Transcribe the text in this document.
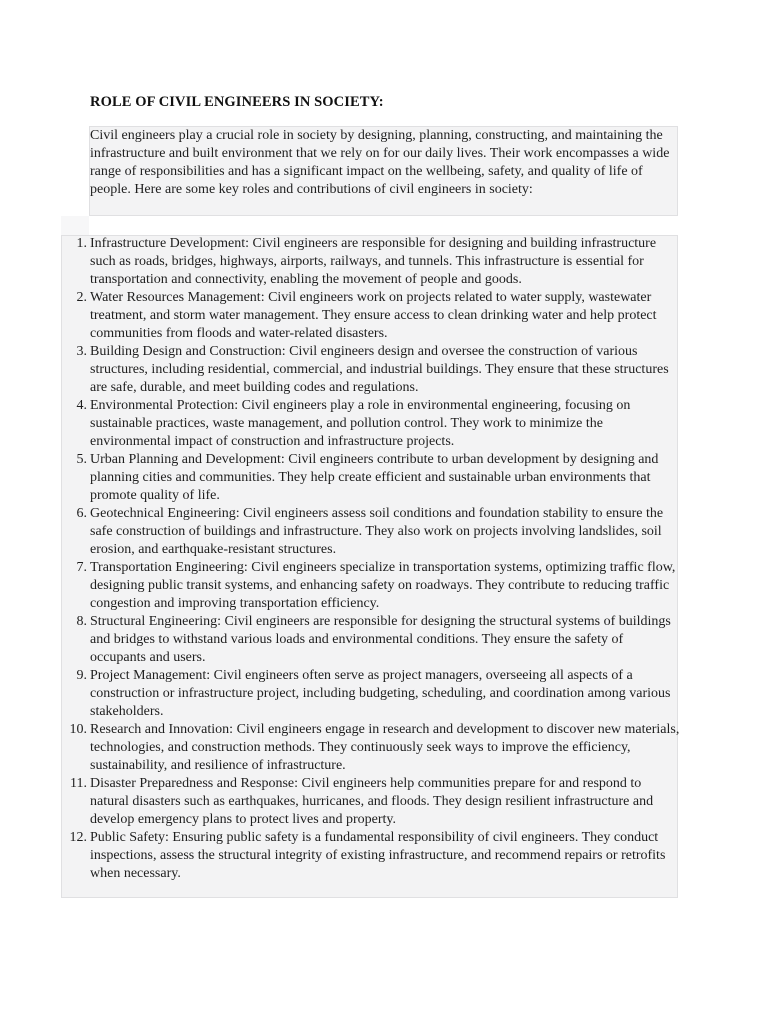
ROLE OF CIVIL ENGINEERS IN SOCIETY:

Civil engineers play a crucial role in society by designing, planning, constructing, and maintaining the infrastructure and built environment that we rely on for our daily lives. Their work encompasses a wide range of responsibilities and has a significant impact on the wellbeing, safety, and quality of life of people. Here are some key roles and contributions of civil engineers in society:

1. Infrastructure Development: Civil engineers are responsible for designing and building infrastructure such as roads, bridges, highways, airports, railways, and tunnels. This infrastructure is essential for transportation and connectivity, enabling the movement of people and goods.
2. Water Resources Management: Civil engineers work on projects related to water supply, wastewater treatment, and storm water management. They ensure access to clean drinking water and help protect communities from floods and water-related disasters.
3. Building Design and Construction: Civil engineers design and oversee the construction of various structures, including residential, commercial, and industrial buildings. They ensure that these structures are safe, durable, and meet building codes and regulations.
4. Environmental Protection: Civil engineers play a role in environmental engineering, focusing on sustainable practices, waste management, and pollution control. They work to minimize the environmental impact of construction and infrastructure projects.
5. Urban Planning and Development: Civil engineers contribute to urban development by designing and planning cities and communities. They help create efficient and sustainable urban environments that promote quality of life.
6. Geotechnical Engineering: Civil engineers assess soil conditions and foundation stability to ensure the safe construction of buildings and infrastructure. They also work on projects involving landslides, soil erosion, and earthquake-resistant structures.
7. Transportation Engineering: Civil engineers specialize in transportation systems, optimizing traffic flow, designing public transit systems, and enhancing safety on roadways. They contribute to reducing traffic congestion and improving transportation efficiency.
8. Structural Engineering: Civil engineers are responsible for designing the structural systems of buildings and bridges to withstand various loads and environmental conditions. They ensure the safety of occupants and users.
9. Project Management: Civil engineers often serve as project managers, overseeing all aspects of a construction or infrastructure project, including budgeting, scheduling, and coordination among various stakeholders.
10. Research and Innovation: Civil engineers engage in research and development to discover new materials, technologies, and construction methods. They continuously seek ways to improve the efficiency, sustainability, and resilience of infrastructure.
11. Disaster Preparedness and Response: Civil engineers help communities prepare for and respond to natural disasters such as earthquakes, hurricanes, and floods. They design resilient infrastructure and develop emergency plans to protect lives and property.
12. Public Safety: Ensuring public safety is a fundamental responsibility of civil engineers. They conduct inspections, assess the structural integrity of existing infrastructure, and recommend repairs or retrofits when necessary.
